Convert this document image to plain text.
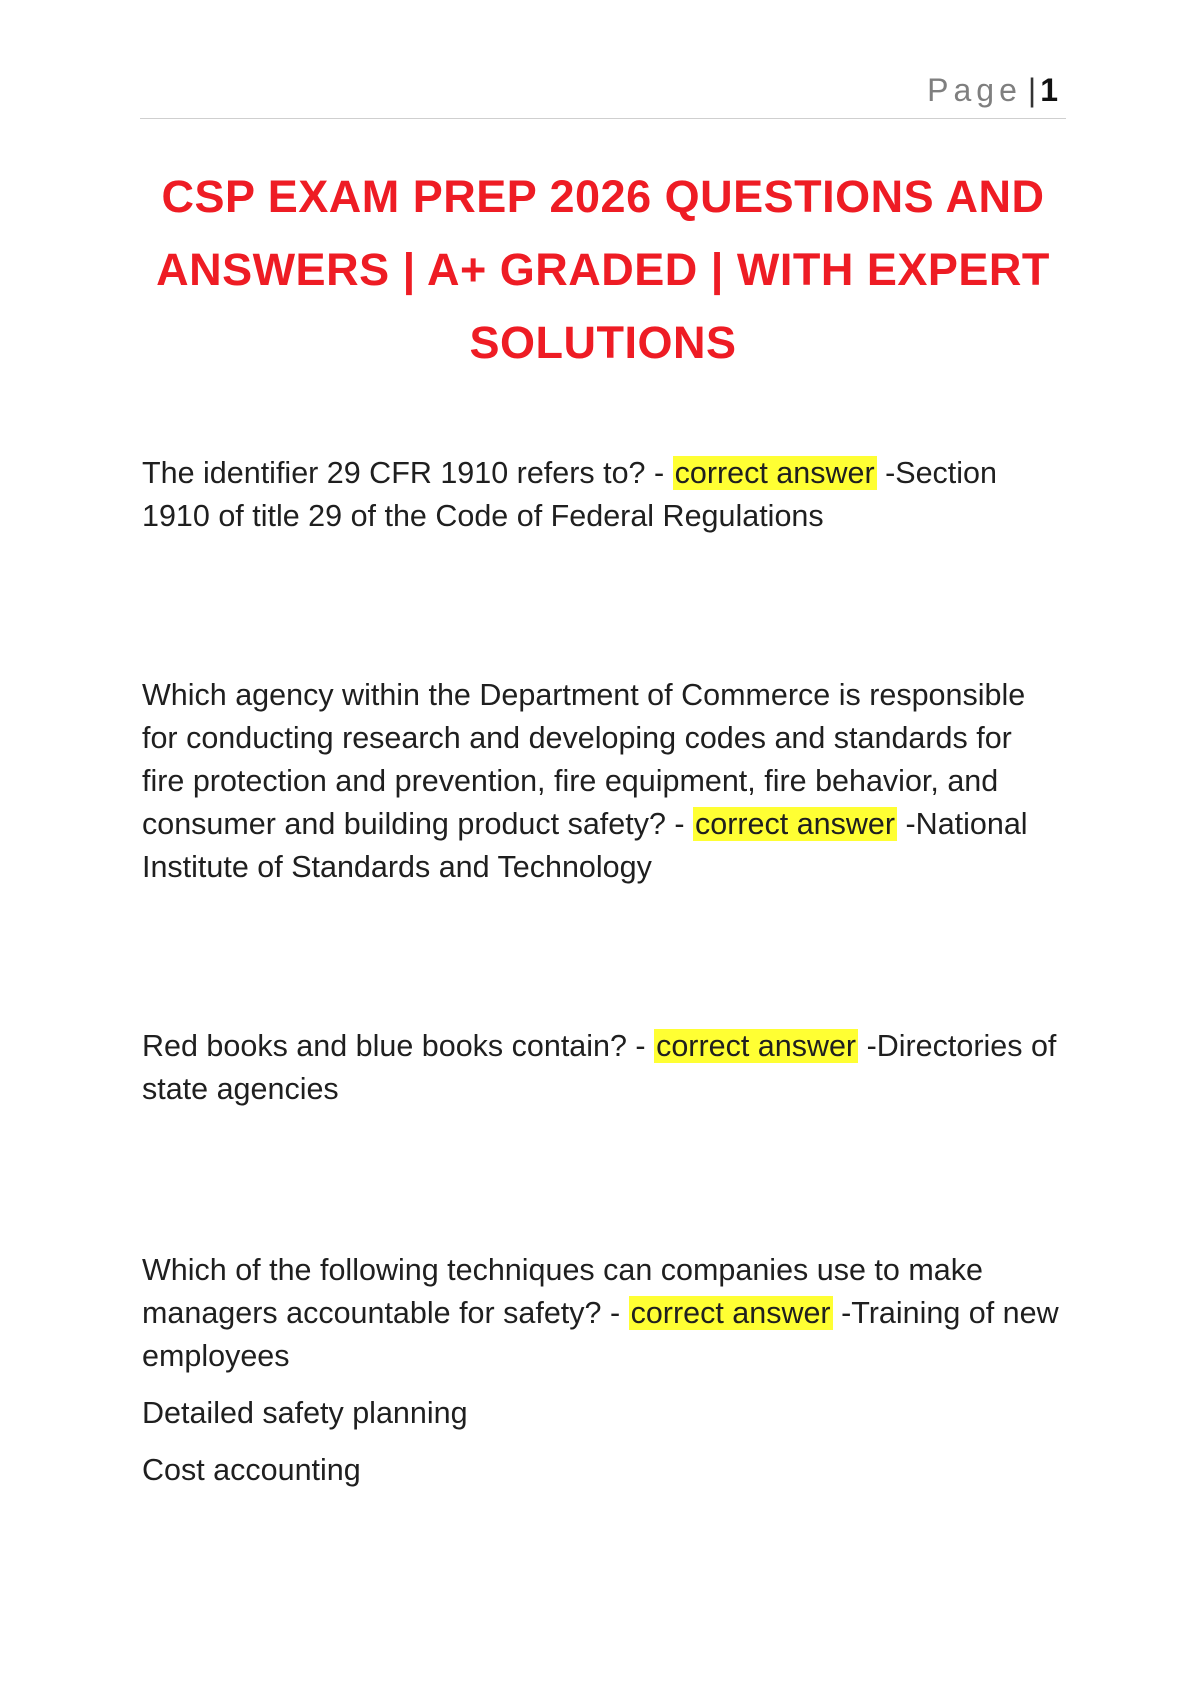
Page | 1
CSP EXAM PREP 2026 QUESTIONS AND ANSWERS | A+ GRADED | WITH EXPERT SOLUTIONS
The identifier 29 CFR 1910 refers to? - correct answer -Section 1910 of title 29 of the Code of Federal Regulations
Which agency within the Department of Commerce is responsible for conducting research and developing codes and standards for fire protection and prevention, fire equipment, fire behavior, and consumer and building product safety? - correct answer -National Institute of Standards and Technology
Red books and blue books contain? - correct answer -Directories of state agencies
Which of the following techniques can companies use to make managers accountable for safety? - correct answer -Training of new employees
Detailed safety planning
Cost accounting
